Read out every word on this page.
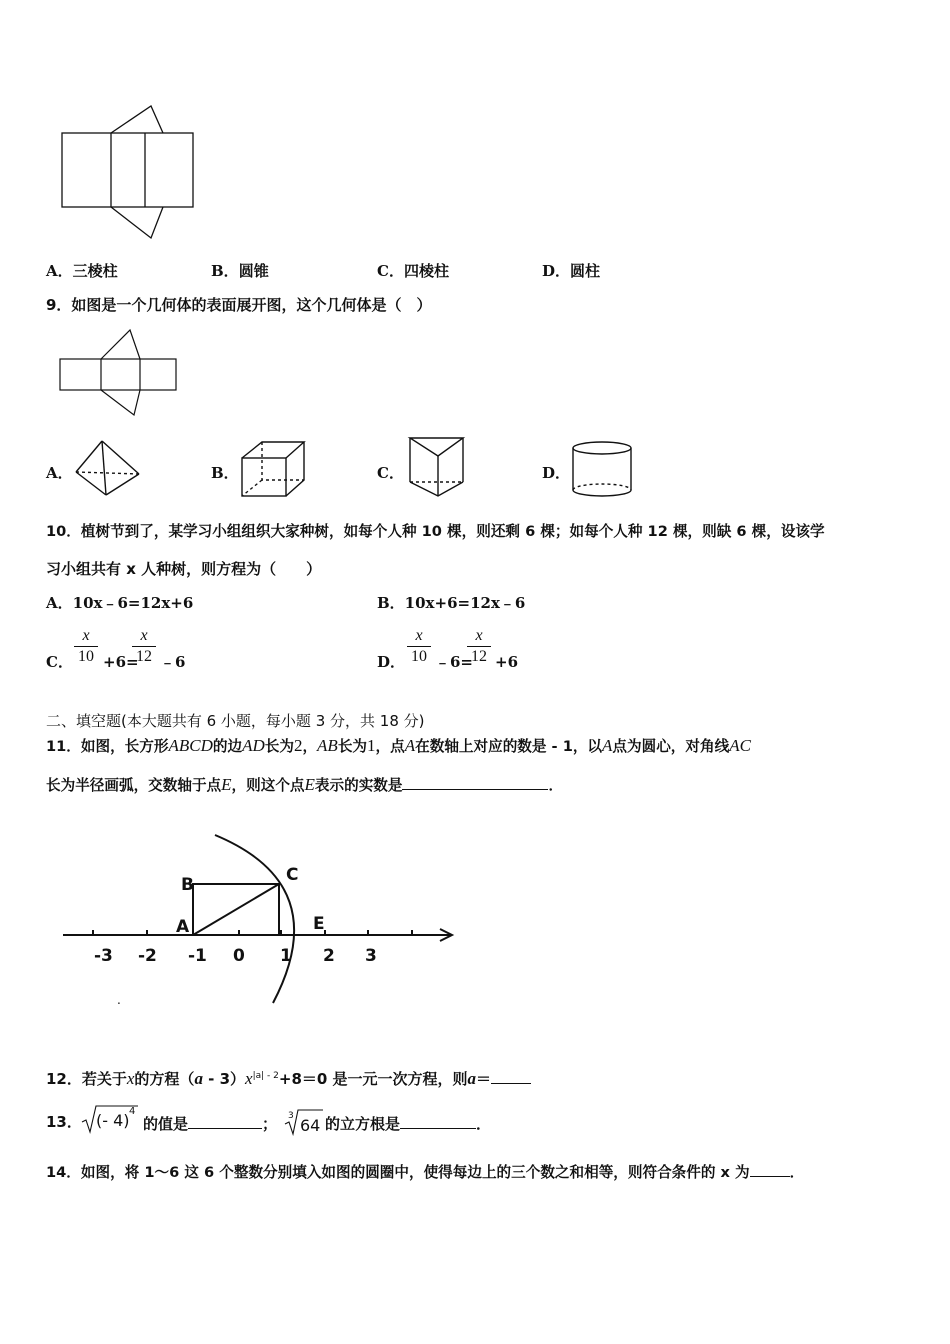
A．三棱柱	B．圆锥	C．四棱柱	D．圆柱
9．如图是一个几何体的表面展开图，这个几何体是（　）
A．	B．	C．	D．
10．植树节到了，某学习小组组织大家种树，如每个人种 10 棵，则还剩 6 棵；如每个人种 12 棵，则缺 6 棵，设该学
习小组共有 x 人种树，则方程为（　　）
A．10x﹣6=12x+6	B．10x+6=12x﹣6
C．
x
10 +6=
x
12 ﹣6	D．
x
10 ﹣6=
x
12 +6
二、填空题(本大题共有 6 小题，每小题 3 分，共 18 分)
11．如图，长方形ABCD的边AD长为2，AB长为1，点A在数轴上对应的数是 - 1，以A点为圆心，对角线AC
长为半径画弧，交数轴于点E，则这个点E表示的实数是	．
B	C
A	E
-3 -2 -1 0 1 2 3
.
12．若关于x的方程$(a - 3)x^{|a| - 2}+8=0$ 是一元一次方程，则a＝
13． (- 4) 4
的值是	； 3 64 的立方根是	．
14．如图，将 1～6 这 6 个整数分别填入如图的圆圈中，使得每边上的三个数之和相等，则符合条件的 x 为	．
